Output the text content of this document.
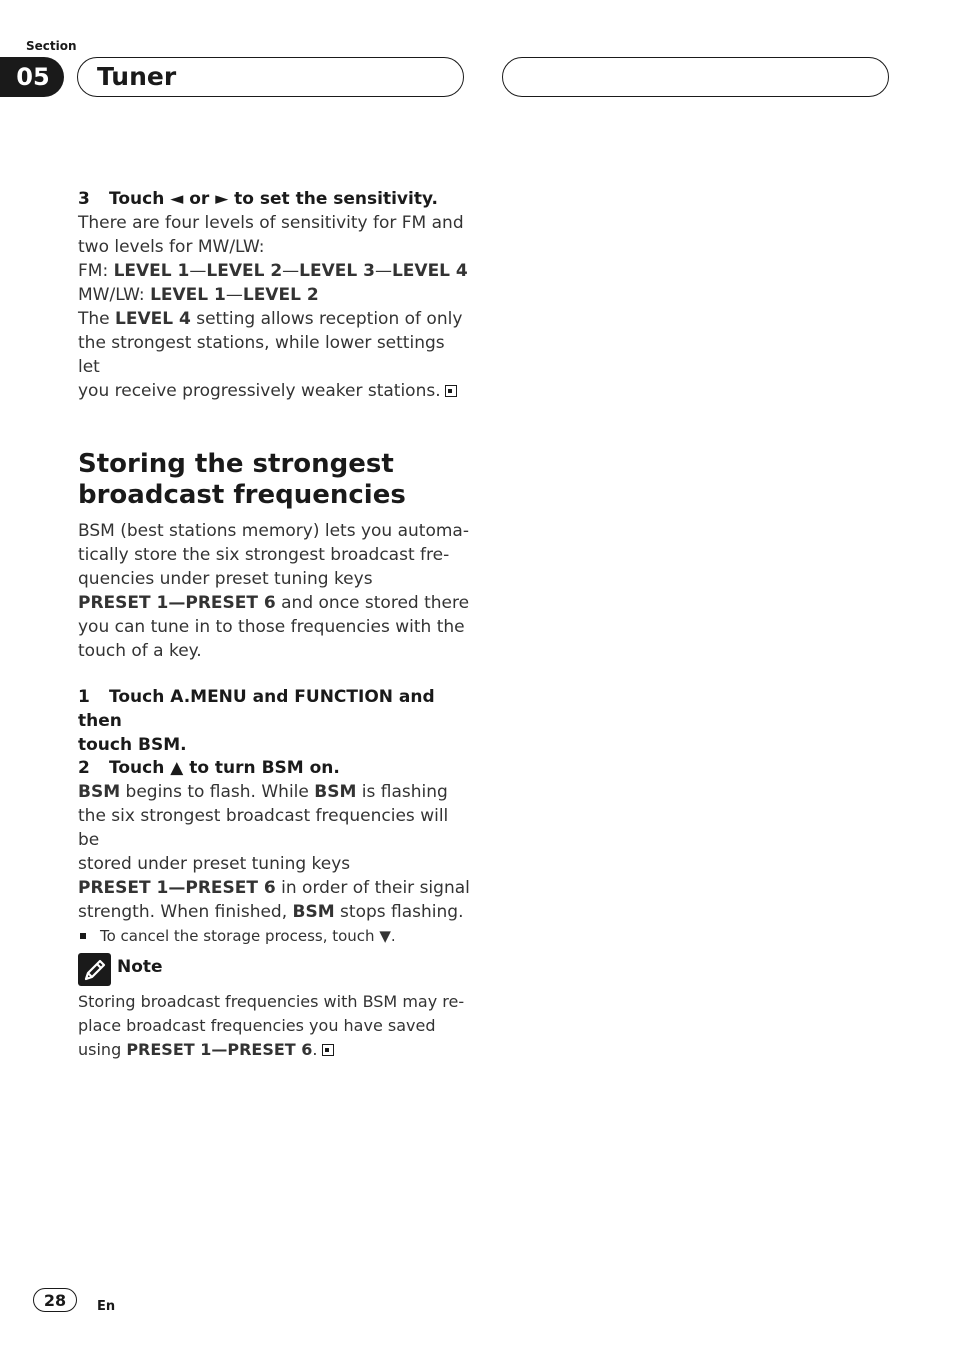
Section
05	Tuner
3 Touch ◄ or ► to set the sensitivity.
There are four levels of sensitivity for FM and
two levels for MW/LW:
FM: LEVEL 1—LEVEL 2—LEVEL 3—LEVEL 4
MW/LW: LEVEL 1—LEVEL 2
The LEVEL 4 setting allows reception of only
the strongest stations, while lower settings let
you receive progressively weaker stations.
Storing the strongest
broadcast frequencies
BSM (best stations memory) lets you automa-
tically store the six strongest broadcast fre-
quencies under preset tuning keys
PRESET 1—PRESET 6 and once stored there
you can tune in to those frequencies with the
touch of a key.
1 Touch A.MENU and FUNCTION and then
touch BSM.
2 Touch ▲ to turn BSM on.
BSM begins to flash. While BSM is flashing
the six strongest broadcast frequencies will be
stored under preset tuning keys
PRESET 1—PRESET 6 in order of their signal
strength. When finished, BSM stops flashing.
To cancel the storage process, touch ▼.
Note
Storing broadcast frequencies with BSM may re-
place broadcast frequencies you have saved
using PRESET 1—PRESET 6.
28	En
